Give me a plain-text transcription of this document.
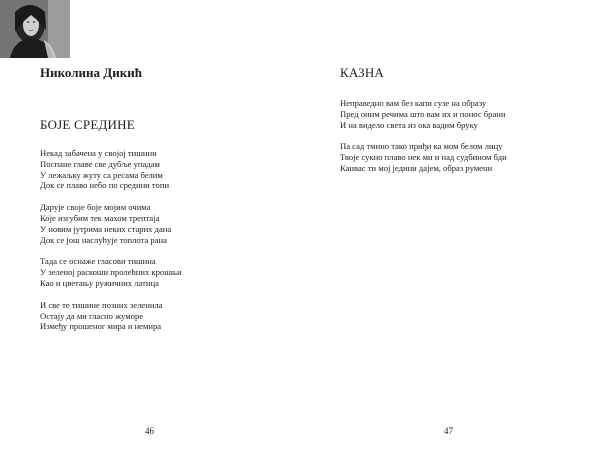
Николина Дикић
БОЈЕ СРЕДИНЕ
Некад забачена у својој тишини
Поспане главе све дубље упадам
У лежаљку жуту са ресама белим
Док се плаво небо по средини топи
Дарује своје боје мојим очима
Које изгубим тек махом трептаја
У новим јутрима неких старих дана
Док се још наслућује топлота рана
Тада се оснаже гласови тишина
У зеленој раскоши пролећних крошњи
Као и цветању ружичних латица
И све те тишине позних зеленила
Остају да ми гласно жуморе
Између прошеног мира и немира
46
КАЗНА
Неправедно вам без капи сузе на образу
Пред оним речима што вам их и понос брани
И на видело света из ока вадим бруку
Па сад тмино тако приђи ка мом белом лицу
Твоје сукно плаво нек ми и над судбином бди
Канвас ти мој једини дајем, образ румени
47
